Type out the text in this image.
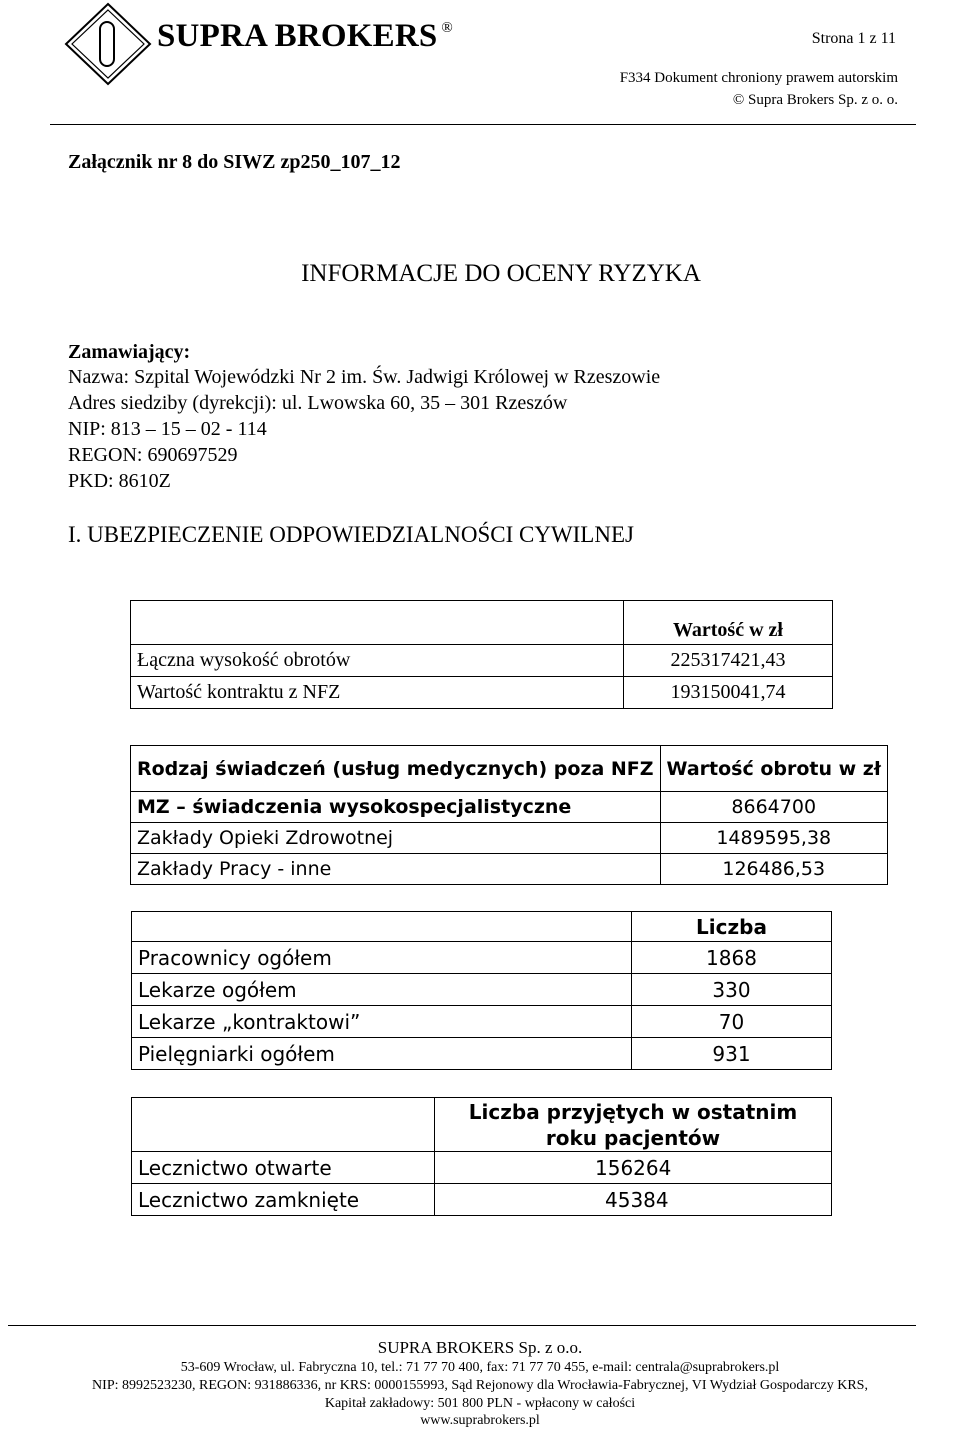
SUPRA BROKERS ®
Strona 1 z 11
F334 Dokument chroniony prawem autorskim
© Supra Brokers Sp. z o. o.
Załącznik nr 8 do SIWZ zp250_107_12
INFORMACJE DO OCENY RYZYKA
Zamawiający:
Nazwa: Szpital Wojewódzki Nr 2 im. Św. Jadwigi Królowej w Rzeszowie
Adres siedziby (dyrekcji): ul. Lwowska 60, 35 – 301 Rzeszów
NIP: 813 – 15 – 02 - 114
REGON: 690697529
PKD: 8610Z
I. UBEZPIECZENIE ODPOWIEDZIALNOŚCI CYWILNEJ
	Wartość w zł
Łączna wysokość obrotów	225317421,43
Wartość kontraktu z NFZ	193150041,74
Rodzaj świadczeń (usług medycznych) poza NFZ	Wartość obrotu w zł
MZ – świadczenia wysokospecjalistyczne	8664700
Zakłady Opieki Zdrowotnej	1489595,38
Zakłady Pracy - inne	126486,53
	Liczba
Pracownicy ogółem	1868
Lekarze ogółem	330
Lekarze „kontraktowi”	70
Pielęgniarki ogółem	931
	Liczba przyjętych w ostatnim roku pacjentów
Lecznictwo otwarte	156264
Lecznictwo zamknięte	45384
SUPRA BROKERS Sp. z o.o.
53-609 Wrocław, ul. Fabryczna 10, tel.: 71 77 70 400, fax: 71 77 70 455, e-mail: centrala@suprabrokers.pl
NIP: 8992523230, REGON: 931886336, nr KRS: 0000155993, Sąd Rejonowy dla Wrocławia-Fabrycznej, VI Wydział Gospodarczy KRS,
Kapitał zakładowy: 501 800 PLN - wpłacony w całości
www.suprabrokers.pl
